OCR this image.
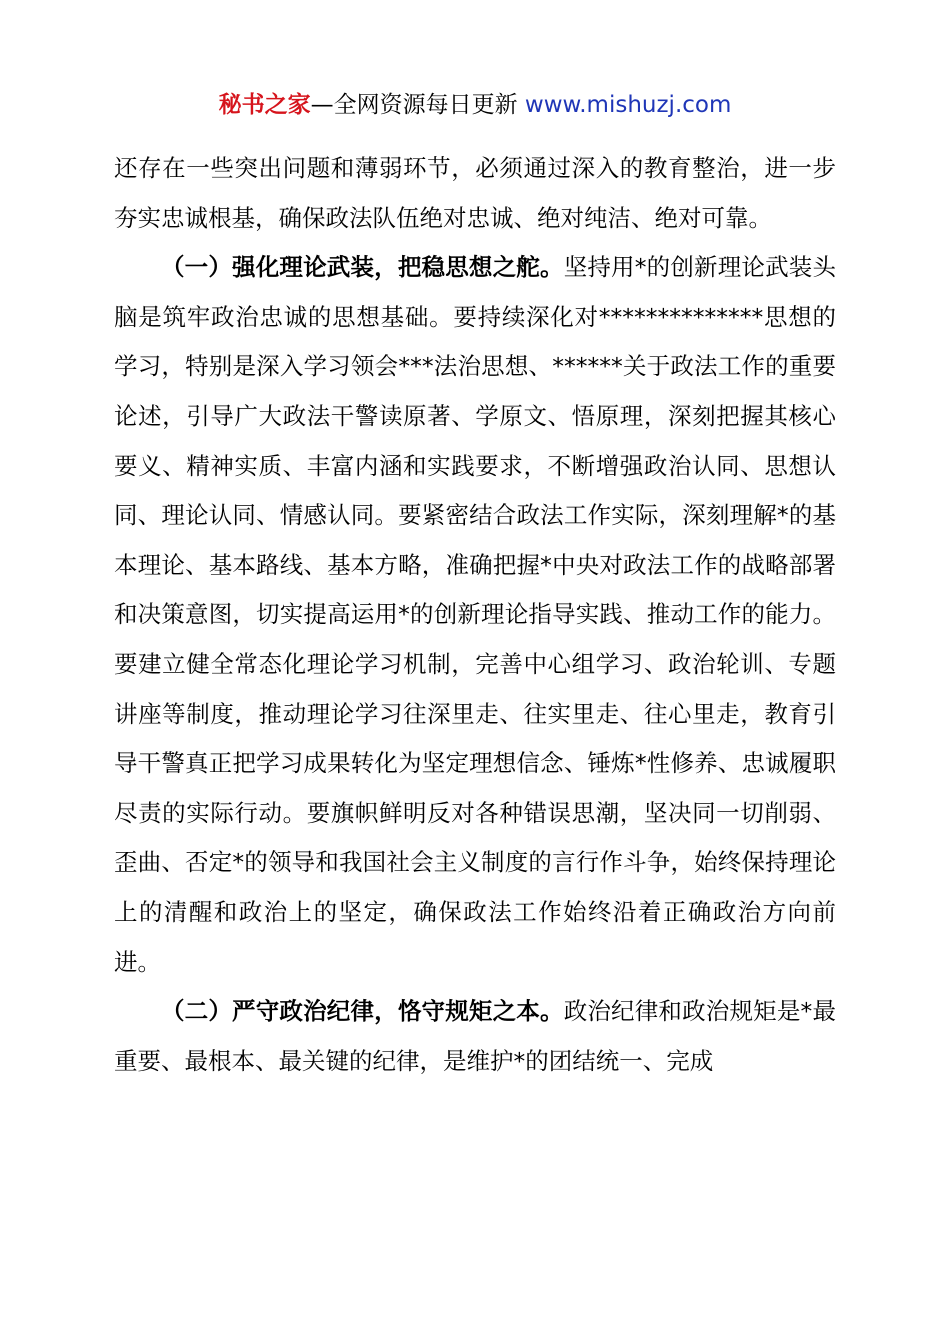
秘书之家—全网资源每日更新 www.mishuzj.com

还存在一些突出问题和薄弱环节，必须通过深入的教育整治，进一步夯实忠诚根基，确保政法队伍绝对忠诚、绝对纯洁、绝对可靠。

（一）强化理论武装，把稳思想之舵。坚持用*的创新理论武装头脑是筑牢政治忠诚的思想基础。要持续深化对**************思想的学习，特别是深入学习领会***法治思想、******关于政法工作的重要论述，引导广大政法干警读原著、学原文、悟原理，深刻把握其核心要义、精神实质、丰富内涵和实践要求，不断增强政治认同、思想认同、理论认同、情感认同。要紧密结合政法工作实际，深刻理解*的基本理论、基本路线、基本方略，准确把握*中央对政法工作的战略部署和决策意图，切实提高运用*的创新理论指导实践、推动工作的能力。要建立健全常态化理论学习机制，完善中心组学习、政治轮训、专题讲座等制度，推动理论学习往深里走、往实里走、往心里走，教育引导干警真正把学习成果转化为坚定理想信念、锤炼*性修养、忠诚履职尽责的实际行动。要旗帜鲜明反对各种错误思潮，坚决同一切削弱、歪曲、否定*的领导和我国社会主义制度的言行作斗争，始终保持理论上的清醒和政治上的坚定，确保政法工作始终沿着正确政治方向前进。

（二）严守政治纪律，恪守规矩之本。政治纪律和政治规矩是*最重要、最根本、最关键的纪律，是维护*的团结统一、完成
